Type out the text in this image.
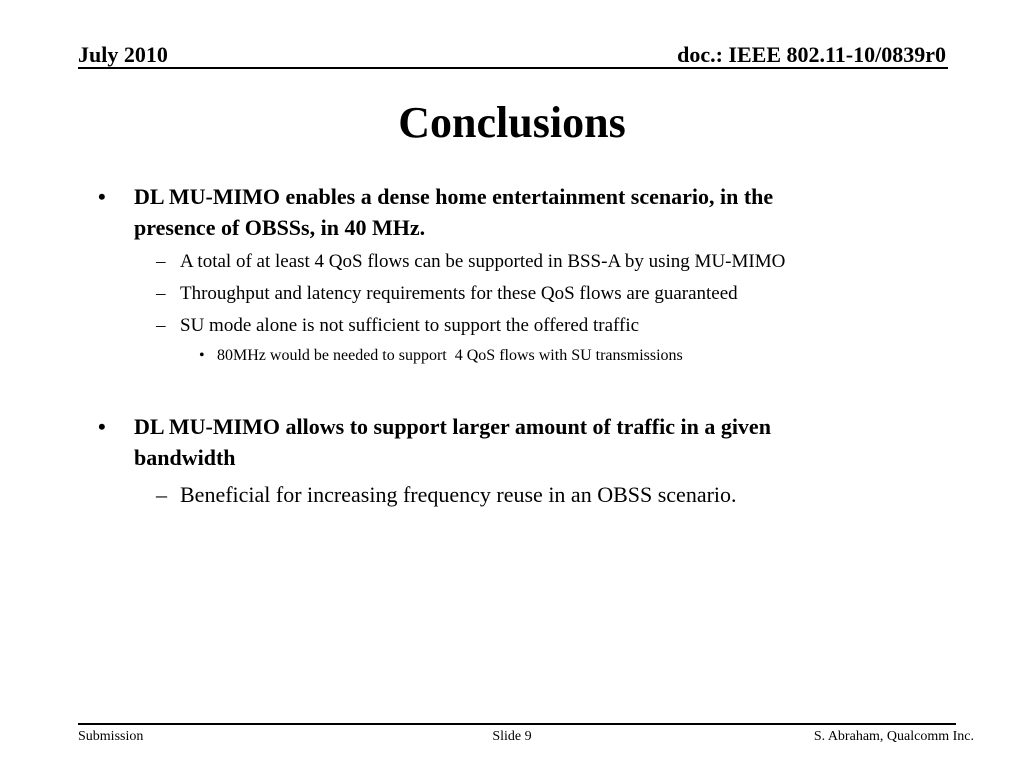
July 2010	doc.: IEEE 802.11-10/0839r0
Conclusions
• DL MU-MIMO enables a dense home entertainment scenario, in the
presence of OBSSs, in 40 MHz.
– A total of at least 4 QoS flows can be supported in BSS-A by using MU-MIMO
– Throughput and latency requirements for these QoS flows are guaranteed
– SU mode alone is not sufficient to support the offered traffic
• 80MHz would be needed to support  4 QoS flows with SU transmissions
• DL MU-MIMO allows to support larger amount of traffic in a given
bandwidth
– Beneficial for increasing frequency reuse in an OBSS scenario.
Submission	Slide 9	S. Abraham, Qualcomm Inc.
